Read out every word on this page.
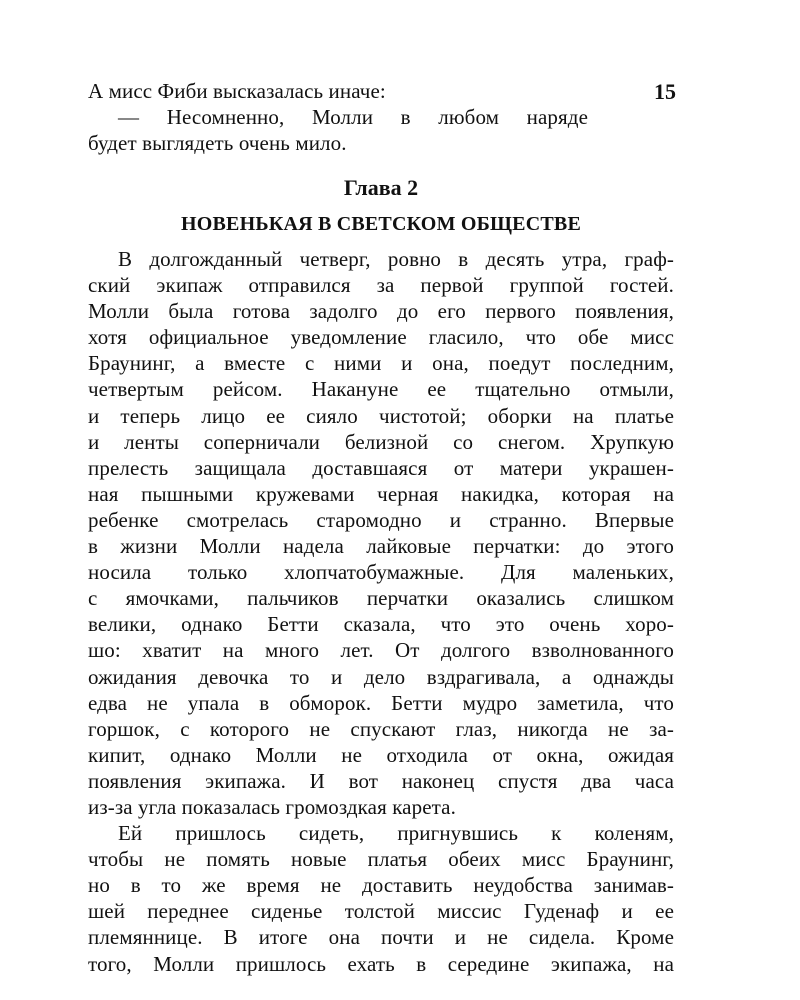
15
А мисс Фиби высказалась иначе:
— Несомненно, Молли в любом наряде
будет выглядеть очень мило.
Глава 2
НОВЕНЬКАЯ В СВЕТСКОМ ОБЩЕСТВЕ
В долгожданный четверг, ровно в десять утра, граф-
ский экипаж отправился за первой группой гостей.
Молли была готова задолго до его первого появления,
хотя официальное уведомление гласило, что обе мисс
Браунинг, а вместе с ними и она, поедут последним,
четвертым рейсом. Накануне ее тщательно отмыли,
и теперь лицо ее сияло чистотой; оборки на платье
и ленты соперничали белизной со снегом. Хрупкую
прелесть защищала доставшаяся от матери украшен-
ная пышными кружевами черная накидка, которая на
ребенке смотрелась старомодно и странно. Впервые
в жизни Молли надела лайковые перчатки: до этого
носила только хлопчатобумажные. Для маленьких,
с ямочками, пальчиков перчатки оказались слишком
велики, однако Бетти сказала, что это очень хоро-
шо: хватит на много лет. От долгого взволнованного
ожидания девочка то и дело вздрагивала, а однажды
едва не упала в обморок. Бетти мудро заметила, что
горшок, с которого не спускают глаз, никогда не за-
кипит, однако Молли не отходила от окна, ожидая
появления экипажа. И вот наконец спустя два часа
из-за угла показалась громоздкая карета.
Ей пришлось сидеть, пригнувшись к коленям,
чтобы не помять новые платья обеих мисс Браунинг,
но в то же время не доставить неудобства занимав-
шей переднее сиденье толстой миссис Гуденаф и ее
племяннице. В итоге она почти и не сидела. Кроме
того, Молли пришлось ехать в середине экипажа, на
